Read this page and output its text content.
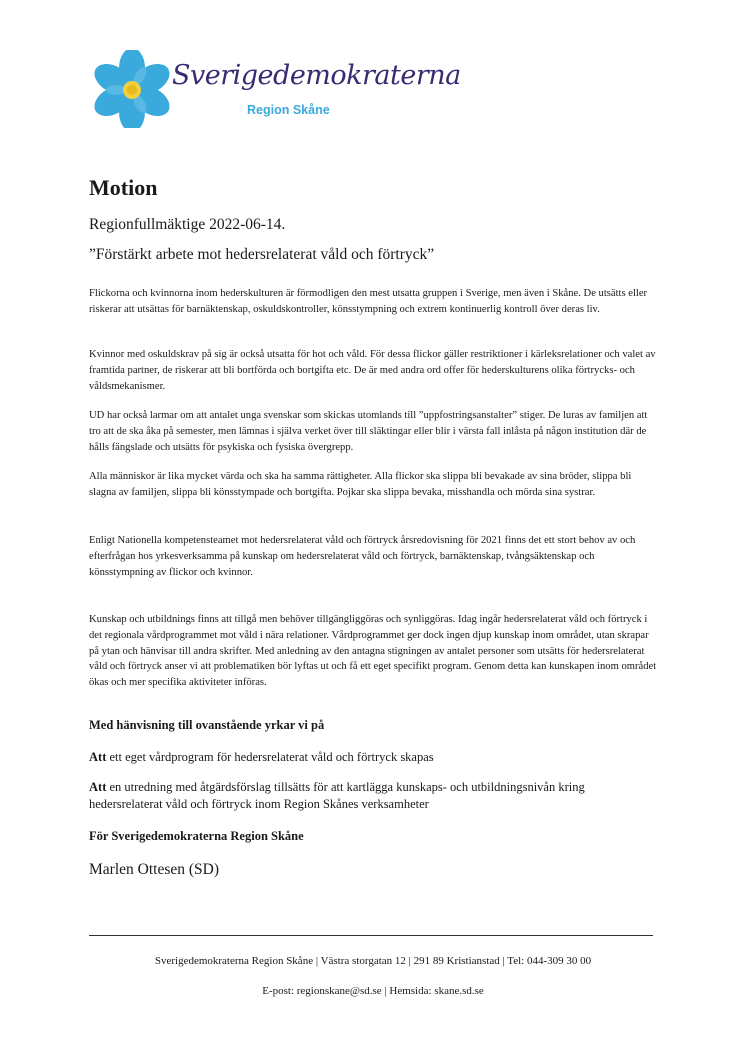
Sverigedemokraterna
Region Skåne
Motion
Regionfullmäktige 2022-06-14.
”Förstärkt arbete mot hedersrelaterat våld och förtryck”

Flickorna och kvinnorna inom hederskulturen är förmodligen den mest utsatta gruppen i Sverige, men även i Skåne. De utsätts eller riskerar att utsättas för barnäktenskap, oskuldskontroller, könsstympning och extrem kontinuerlig kontroll över deras liv.

Kvinnor med oskuldskrav på sig är också utsatta för hot och våld. För dessa flickor gäller restriktioner i kärleksrelationer och valet av framtida partner, de riskerar att bli bortförda och bortgifta etc. De är med andra ord offer för hederskulturens olika förtrycks- och våldsmekanismer.

UD har också larmar om att antalet unga svenskar som skickas utomlands till ”uppfostringsanstalter” stiger. De luras av familjen att tro att de ska åka på semester, men lämnas i själva verket över till släktingar eller blir i värsta fall inlåsta på någon institution där de hålls fängslade och utsätts för psykiska och fysiska övergrepp.

Alla människor är lika mycket värda och ska ha samma rättigheter. Alla flickor ska slippa bli bevakade av sina bröder, slippa bli slagna av familjen, slippa bli könsstympade och bortgifta. Pojkar ska slippa bevaka, misshandla och mörda sina systrar.

Enligt Nationella kompetensteamet mot hedersrelaterat våld och förtryck årsredovisning för 2021 finns det ett stort behov av och efterfrågan hos yrkesverksamma på kunskap om hedersrelaterat våld och förtryck, barnäktenskap, tvångsäktenskap och könsstympning av flickor och kvinnor.

Kunskap och utbildnings finns att tillgå men behöver tillgängliggöras och synliggöras. Idag ingår hedersrelaterat våld och förtryck i det regionala vårdprogrammet mot våld i nära relationer. Vårdprogrammet ger dock ingen djup kunskap inom området, utan skrapar på ytan och hänvisar till andra skrifter. Med anledning av den antagna stigningen av antalet personer som utsätts för hedersrelaterat våld och förtryck anser vi att problematiken bör lyftas ut och få ett eget specifikt program. Genom detta kan kunskapen inom området ökas och mer specifika aktiviteter införas.

Med hänvisning till ovanstående yrkar vi på
Att ett eget vårdprogram för hedersrelaterat våld och förtryck skapas
Att en utredning med åtgärdsförslag tillsätts för att kartlägga kunskaps- och utbildningsnivån kring hedersrelaterat våld och förtryck inom Region Skånes verksamheter
För Sverigedemokraterna Region Skåne
Marlen Ottesen (SD)
Sverigedemokraterna Region Skåne | Västra storgatan 12 | 291 89 Kristianstad | Tel: 044-309 30 00
E-post: regionskane@sd.se | Hemsida: skane.sd.se
